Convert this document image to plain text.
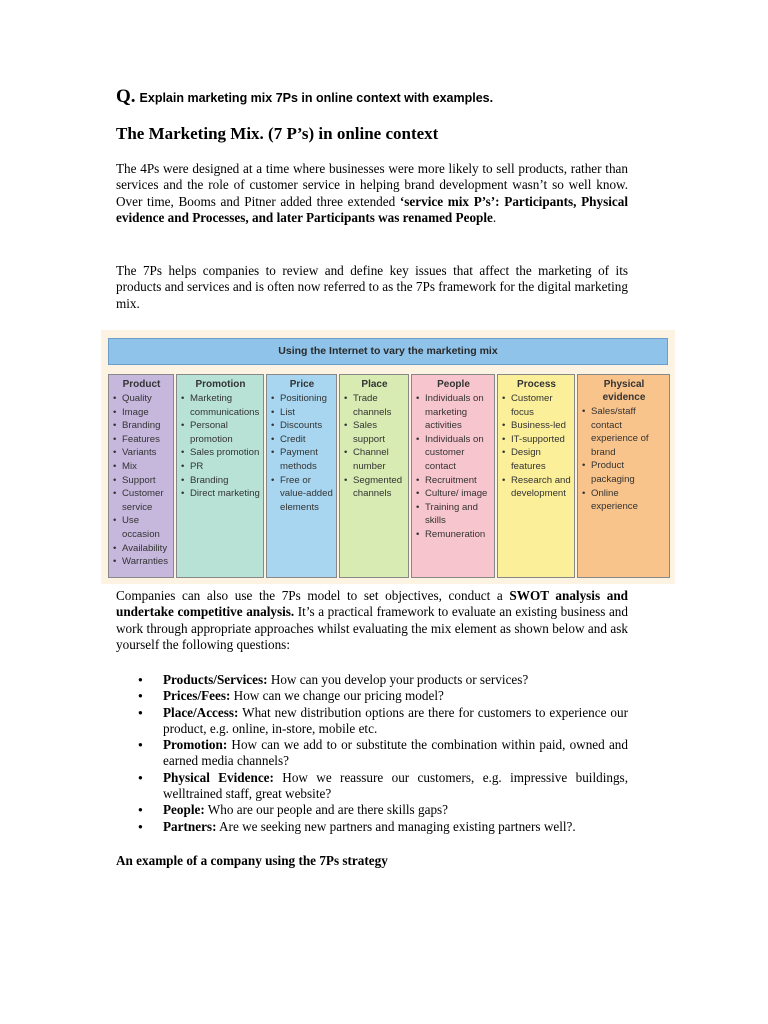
Q. Explain marketing mix 7Ps in online context with examples.
The Marketing Mix. (7 P’s) in online context

The 4Ps were designed at a time where businesses were more likely to sell products, rather than services and the role of customer service in helping brand development wasn’t so well know. Over time, Booms and Pitner added three extended ‘service mix P’s’: Participants, Physical evidence and Processes, and later Participants was renamed People.

The 7Ps helps companies to review and define key issues that affect the marketing of its products and services and is often now referred to as the 7Ps framework for the digital marketing mix.

Companies can also use the 7Ps model to set objectives, conduct a SWOT analysis and undertake competitive analysis. It’s a practical framework to evaluate an existing business and work through appropriate approaches whilst evaluating the mix element as shown below and ask yourself the following questions:

● Products/Services: How can you develop your products or services?
● Prices/Fees: How can we change our pricing model?
● Place/Access: What new distribution options are there for customers to experience our product, e.g. online, in-store, mobile etc.
● Promotion: How can we add to or substitute the combination within paid, owned and earned media channels?
● Physical Evidence: How we reassure our customers, e.g. impressive buildings, welltrained staff, great website?
● People: Who are our people and are there skills gaps?
● Partners: Are we seeking new partners and managing existing partners well?.
An example of a company using the 7Ps strategy
Using the Internet to vary the marketing mix
Product
• Quality
• Image
• Branding
• Features
• Variants
• Mix
• Support
• Customer service
• Use occasion
• Availability
• Warranties
Promotion
• Marketing communications
• Personal promotion
• Sales promotion
• PR
• Branding
• Direct marketing
Price
• Positioning
• List
• Discounts
• Credit
• Payment methods
• Free or value-added elements
Place
• Trade channels
• Sales support
• Channel number
• Segmented channels
People
• Individuals on marketing activities
• Individuals on customer contact
• Recruitment
• Culture/ image
• Training and skills
• Remuneration
Process
• Customer focus
• Business-led
• IT-supported
• Design features
• Research and development
Physical evidence
• Sales/staff contact experience of brand
• Product packaging
• Online experience
